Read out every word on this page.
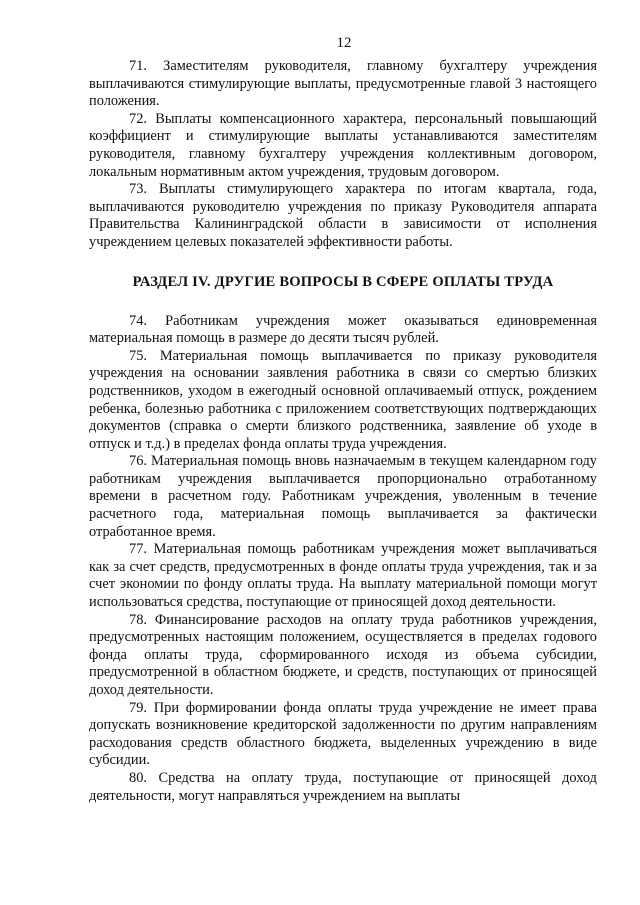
12

71. Заместителям руководителя, главному бухгалтеру учреждения выплачиваются стимулирующие выплаты, предусмотренные главой 3 настоящего положения.

72. Выплаты компенсационного характера, персональный повышающий коэффициент и стимулирующие выплаты устанавливаются заместителям руководителя, главному бухгалтеру учреждения коллективным договором, локальным нормативным актом учреждения, трудовым договором.

73. Выплаты стимулирующего характера по итогам квартала, года, выплачиваются руководителю учреждения по приказу Руководителя аппарата Правительства Калининградской области в зависимости от исполнения учреждением целевых показателей эффективности работы.

РАЗДЕЛ IV. ДРУГИЕ ВОПРОСЫ В СФЕРЕ ОПЛАТЫ ТРУДА

74. Работникам учреждения может оказываться единовременная материальная помощь в размере до десяти тысяч рублей.

75. Материальная помощь выплачивается по приказу руководителя учреждения на основании заявления работника в связи со смертью близких родственников, уходом в ежегодный основной оплачиваемый отпуск, рождением ребенка, болезнью работника с приложением соответствующих подтверждающих документов (справка о смерти близкого родственника, заявление об уходе в отпуск и т.д.) в пределах фонда оплаты труда учреждения.

76. Материальная помощь вновь назначаемым в текущем календарном году работникам учреждения выплачивается пропорционально отработанному времени в расчетном году. Работникам учреждения, уволенным в течение расчетного года, материальная помощь выплачивается за фактически отработанное время.

77. Материальная помощь работникам учреждения может выплачиваться как за счет средств, предусмотренных в фонде оплаты труда учреждения, так и за счет экономии по фонду оплаты труда. На выплату материальной помощи могут использоваться средства, поступающие от приносящей доход деятельности.

78. Финансирование расходов на оплату труда работников учреждения, предусмотренных настоящим положением, осуществляется в пределах годового фонда оплаты труда, сформированного исходя из объема субсидии, предусмотренной в областном бюджете, и средств, поступающих от приносящей доход деятельности.

79. При формировании фонда оплаты труда учреждение не имеет права допускать возникновение кредиторской задолженности по другим направлениям расходования средств областного бюджета, выделенных учреждению в виде субсидии.

80. Средства на оплату труда, поступающие от приносящей доход деятельности, могут направляться учреждением на выплаты
